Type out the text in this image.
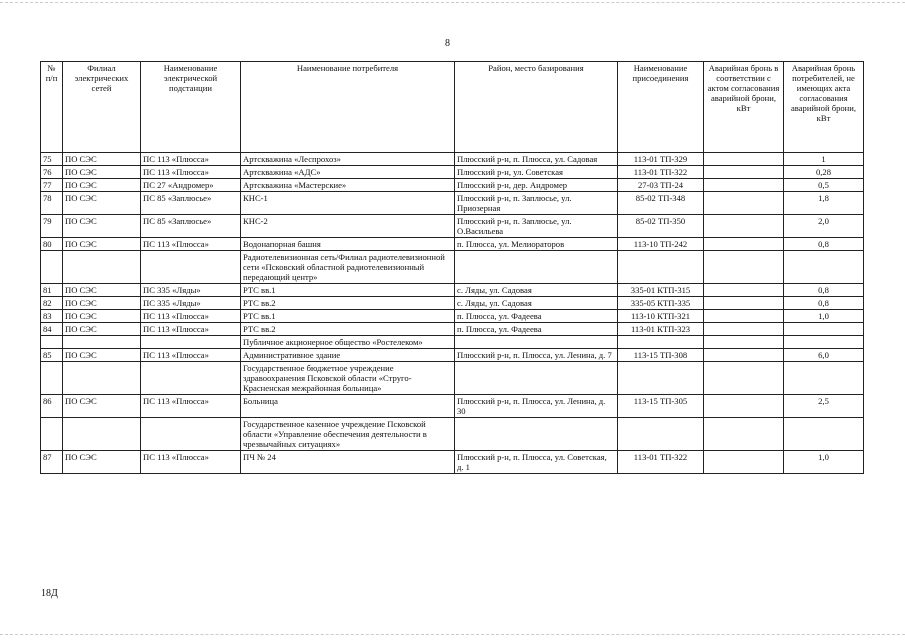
8
№ п/п	Филиал электрических сетей	Наименование электрической подстанции	Наименование потребителя	Район, место базирования	Наименование присоединения	Аварийная бронь в соответствии с актом согласования аварийной брони, кВт	Аварийная бронь потребителей, не имеющих акта согласования аварийной брони, кВт
75	ПО СЭС	ПС 113 «Плюсса»	Артскважина «Леспрохоз»	Плюсский р-н, п. Плюсса, ул. Садовая	113-01 ТП-329		1
76	ПО СЭС	ПС 113 «Плюсса»	Артскважина «АДС»	Плюсский р-н, ул. Советская	113-01 ТП-322		0,28
77	ПО СЭС	ПС 27 «Андромер»	Артскважина «Мастерские»	Плюсский р-н, дер. Андромер	27-03 ТП-24		0,5
78	ПО СЭС	ПС 85 «Заплюсье»	КНС-1	Плюсский р-н, п. Заплюсье, ул. Приозерная	85-02 ТП-348		1,8
79	ПО СЭС	ПС 85 «Заплюсье»	КНС-2	Плюсский р-н, п. Заплюсье, ул. О.Васильева	85-02 ТП-350		2,0
80	ПО СЭС	ПС 113 «Плюсса»	Водонапорная башня	п. Плюсса, ул. Мелиораторов	113-10 ТП-242		0,8
			Радиотелевизионная сеть/Филиал радиотелевизионной сети «Псковский областной радиотелевизионный передающий центр»				
81	ПО СЭС	ПС 335 «Ляды»	РТС вв.1	с. Ляды, ул. Садовая	335-01 КТП-315		0,8
82	ПО СЭС	ПС 335 «Ляды»	РТС вв.2	с. Ляды, ул. Садовая	335-05 КТП-335		0,8
83	ПО СЭС	ПС 113 «Плюсса»	РТС вв.1	п. Плюсса, ул. Фадеева	113-10 КТП-321		1,0
84	ПО СЭС	ПС 113 «Плюсса»	РТС вв.2	п. Плюсса, ул. Фадеева	113-01 КТП-323		
			Публичное акционерное общество «Ростелеком»				
85	ПО СЭС	ПС 113 «Плюсса»	Административное здание	Плюсский р-н, п. Плюсса, ул. Ленина, д. 7	113-15 ТП-308		6,0
			Государственное бюджетное учреждение здравоохранения Псковской области «Струго-Красненская межрайонная больница»				
86	ПО СЭС	ПС 113 «Плюсса»	Больница	Плюсский р-н, п. Плюсса, ул. Ленина, д. 30	113-15 ТП-305		2,5
			Государственное казенное учреждение Псковской области «Управление обеспечения деятельности в чрезвычайных ситуациях»				
87	ПО СЭС	ПС 113 «Плюсса»	ПЧ № 24	Плюсский р-н, п. Плюсса, ул. Советская, д. 1	113-01 ТП-322		1,0
18Д
